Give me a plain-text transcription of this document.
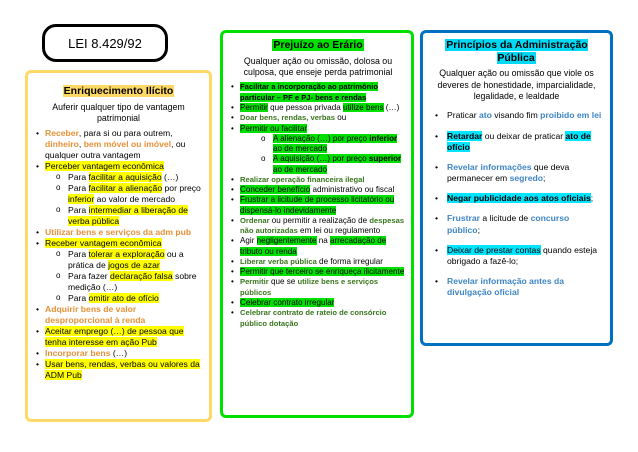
LEI 8.429/92
Enriquecimento Ilícito
Auferir qualquer tipo de vantagem patrimonial
• Receber, para si ou para outrem, dinheiro, bem móvel ou imóvel, ou qualquer outra vantagem
• Perceber vantagem econômica
o Para facilitar a aquisição (…)
o Para facilitar a alienação por preço inferior ao valor de mercado
o Para intermediar a liberação de verba pública
• Utilizar bens e serviços da adm pub
• Receber vantagem econômica
o Para tolerar a exploração ou a prática de jogos de azar
o Para fazer declaração falsa sobre medição (…)
o Para omitir ato de ofício
• Adquirir bens de valor desproporcional à renda
• Aceitar emprego (…) de pessoa que tenha interesse em ação Pub
• Incorporar bens (…)
• Usar bens, rendas, verbas ou valores da ADM Pub
Prejuízo ao Erário
Qualquer ação ou omissão, dolosa ou culposa, que enseje perda patrimonial
• Facilitar a incorporação ao patrimônio particular – PF e PJ- bens e rendas
• Permitir que pessoa privada utilize bens (…)
• Doar bens, rendas, verbas ou
• Permitir ou facilitar
o A alienação (…) por preço inferior ao de mercado
o A aquisição (…) por preço superior ao de mercado
• Realizar operação financeira ilegal
• Conceder benefício administrativo ou fiscal
• Frustrar a licitude de processo licitatório ou dispensá-lo indevidamente
• Ordenar ou permitir a realização de despesas não autorizadas em lei ou regulamento
• Agir negligentemente na arrecadação de tributo ou renda
• Liberar verba pública de forma irregular
• Permitir que terceiro se enriqueça ilicitamente
• Permitir que se utilize bens e serviços públicos
• Celebrar contrato irregular
• Celebrar contrato de rateio de consórcio público dotação
Princípios da Administração Pública
Qualquer ação ou omissão que viole os deveres de honestidade, imparcialidade, legalidade, e lealdade
• Praticar ato visando fim proibido em lei
• Retardar ou deixar de praticar ato de ofício
• Revelar informações que deva permanecer em segredo;
• Negar publicidade aos atos oficiais;
• Frustrar a licitude de concurso público;
• Deixar de prestar contas quando esteja obrigado a fazê-lo;
• Revelar informação antes da divulgação oficial
